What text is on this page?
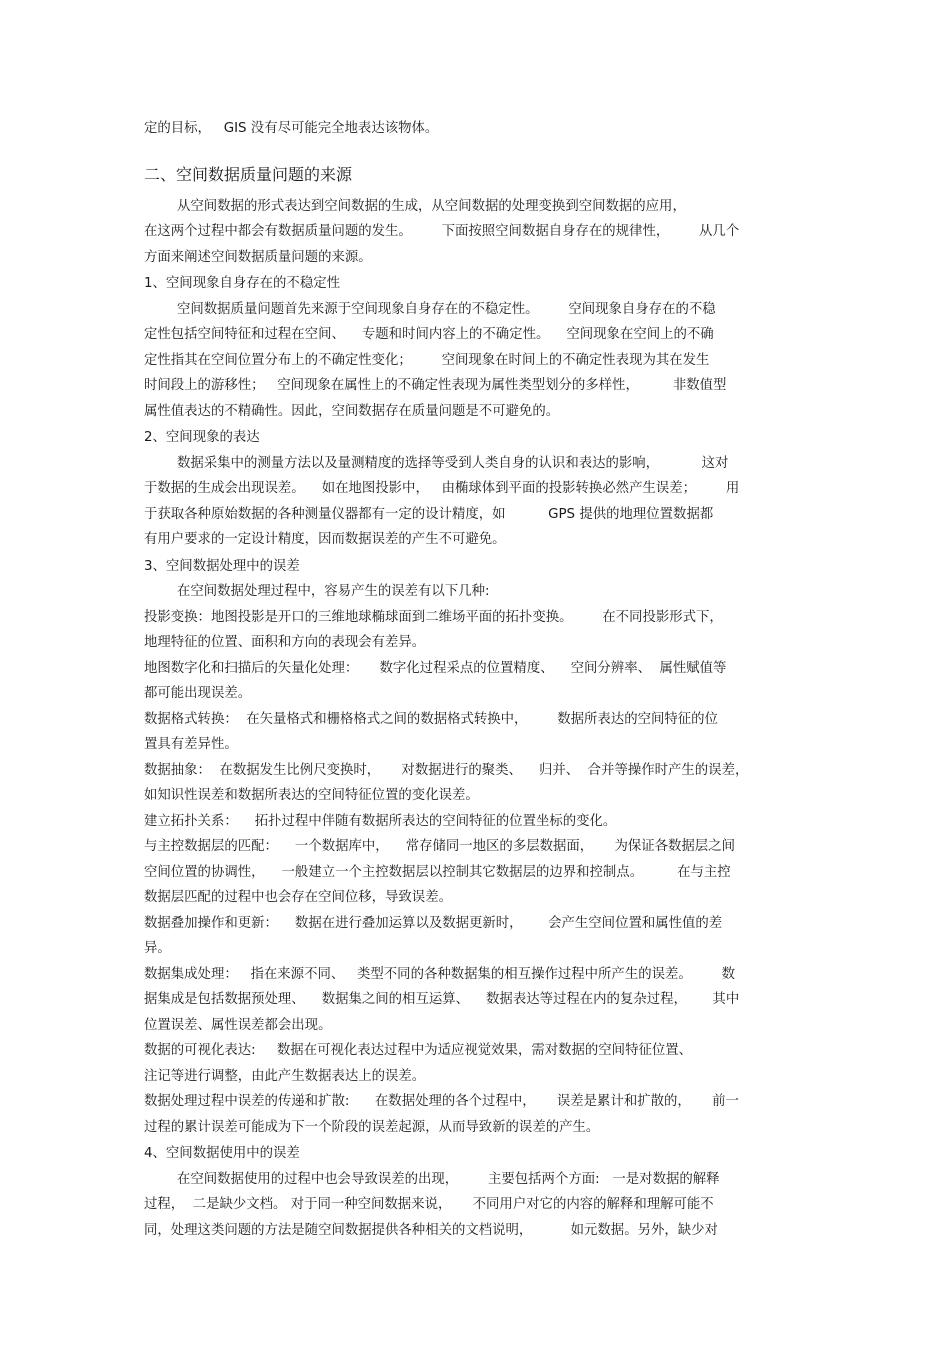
定的目标，   GIS 没有尽可能完全地表达该物体。
二、空间数据质量问题的来源
从空间数据的形式表达到空间数据的生成，从空间数据的处理变换到空间数据的应用，
在这两个过程中都会有数据质量问题的发生。       下面按照空间数据自身存在的规律性，       从几个
方面来阐述空间数据质量问题的来源。
1、空间现象自身存在的不稳定性
空间数据质量问题首先来源于空间现象自身存在的不稳定性。       空间现象自身存在的不稳
定性包括空间特征和过程在空间、    专题和时间内容上的不确定性。    空间现象在空间上的不确
定性指其在空间位置分布上的不确定性变化；       空间现象在时间上的不确定性表现为其在发生
时间段上的游移性；   空间现象在属性上的不确定性表现为属性类型划分的多样性，        非数值型
属性值表达的不精确性。因此，空间数据存在质量问题是不可避免的。
2、空间现象的表达
数据采集中的测量方法以及量测精度的选择等受到人类自身的认识和表达的影响，          这对
于数据的生成会出现误差。    如在地图投影中，   由椭球体到平面的投影转换必然产生误差；       用
于获取各种原始数据的各种测量仪器都有一定的设计精度，如          GPS 提供的地理位置数据都
有用户要求的一定设计精度，因而数据误差的产生不可避免。
3、空间数据处理中的误差
在空间数据处理过程中，容易产生的误差有以下几种:
投影变换：地图投影是开口的三维地球椭球面到二维场平面的拓扑变换。       在不同投影形式下，
地理特征的位置、面积和方向的表现会有差异。
地图数字化和扫描后的矢量化处理：     数字化过程采点的位置精度、    空间分辨率、  属性赋值等
都可能出现误差。
数据格式转换：  在矢量格式和栅格格式之间的数据格式转换中，       数据所表达的空间特征的位
置具有差异性。
数据抽象：  在数据发生比例尺变换时，     对数据进行的聚类、    归并、  合并等操作时产生的误差，
如知识性误差和数据所表达的空间特征位置的变化误差。
建立拓扑关系：    拓扑过程中伴随有数据所表达的空间特征的位置坐标的变化。
与主控数据层的匹配：    一个数据库中，    常存储同一地区的多层数据面，     为保证各数据层之间
空间位置的协调性，    一般建立一个主控数据层以控制其它数据层的边界和控制点。        在与主控
数据层匹配的过程中也会存在空间位移，导致误差。
数据叠加操作和更新：    数据在进行叠加运算以及数据更新时，      会产生空间位置和属性值的差
异。
数据集成处理：   指在来源不同、   类型不同的各种数据集的相互操作过程中所产生的误差。       数
据集成是包括数据预处理、    数据集之间的相互运算、    数据表达等过程在内的复杂过程，      其中
位置误差、属性误差都会出现。
数据的可视化表达:     数据在可视化表达过程中为适应视觉效果，需对数据的空间特征位置、
注记等进行调整，由此产生数据表达上的误差。
数据处理过程中误差的传递和扩散:      在数据处理的各个过程中，     误差是累计和扩散的，     前一
过程的累计误差可能成为下一个阶段的误差起源，从而导致新的误差的产生。
4、空间数据使用中的误差
在空间数据使用的过程中也会导致误差的出现，       主要包括两个方面:   一是对数据的解释
过程，  二是缺少文档。 对于同一种空间数据来说，     不同用户对它的内容的解释和理解可能不
同，处理这类问题的方法是随空间数据提供各种相关的文档说明，         如元数据。另外，缺少对
